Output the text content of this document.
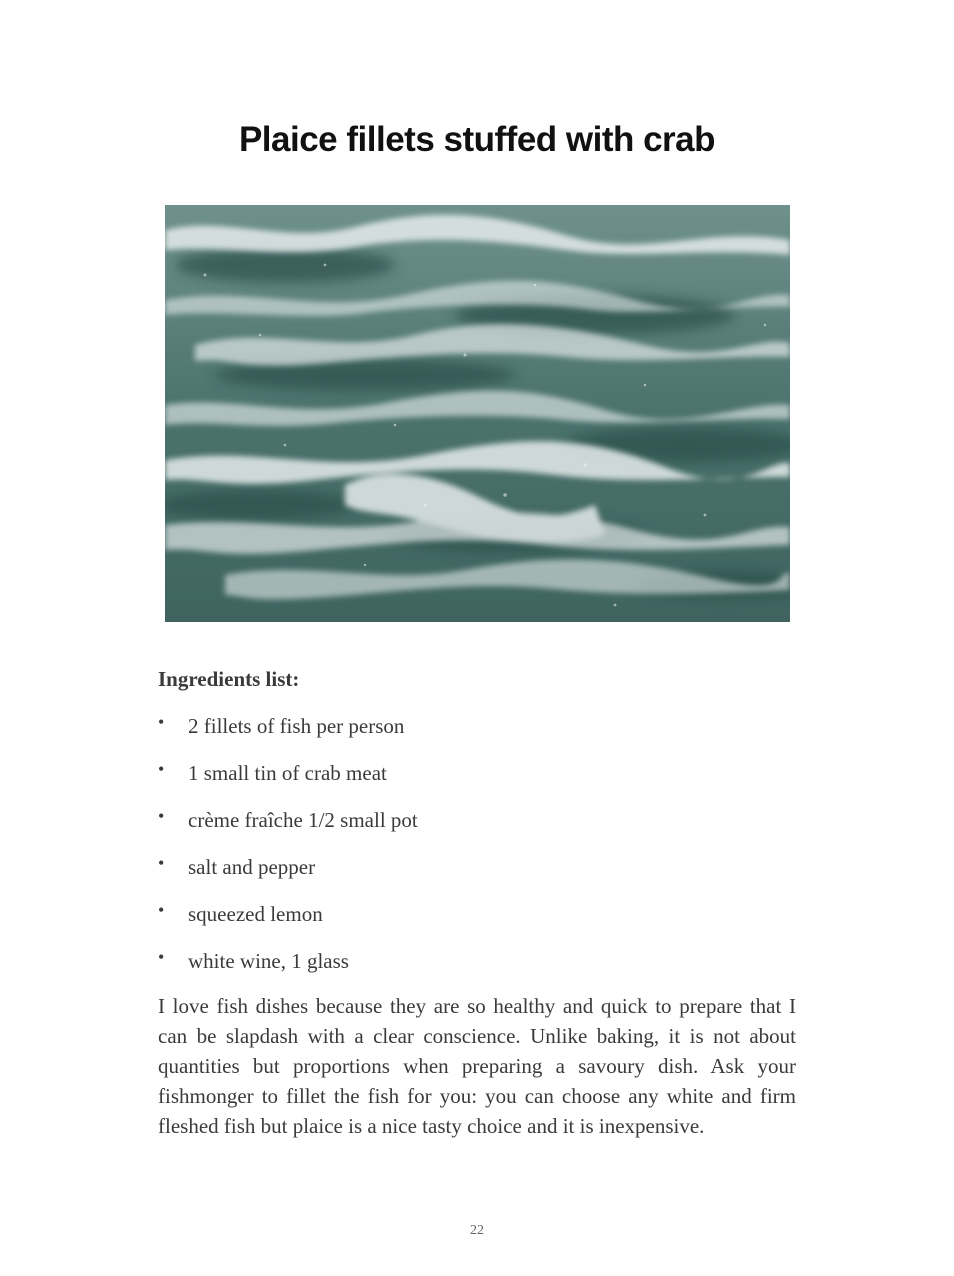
Plaice fillets stuffed with crab
Ingredients list:
• 2 fillets of fish per person
• 1 small tin of crab meat
• crème fraîche 1/2 small pot
• salt and pepper
• squeezed lemon
• white wine, 1 glass

I love fish dishes because they are so healthy and quick to prepare that I can be slapdash with a clear conscience. Unlike baking, it is not about quantities but proportions when preparing a savoury dish. Ask your fishmonger to fillet the fish for you: you can choose any white and firm fleshed fish but plaice is a nice tasty choice and it is inexpensive.

22
